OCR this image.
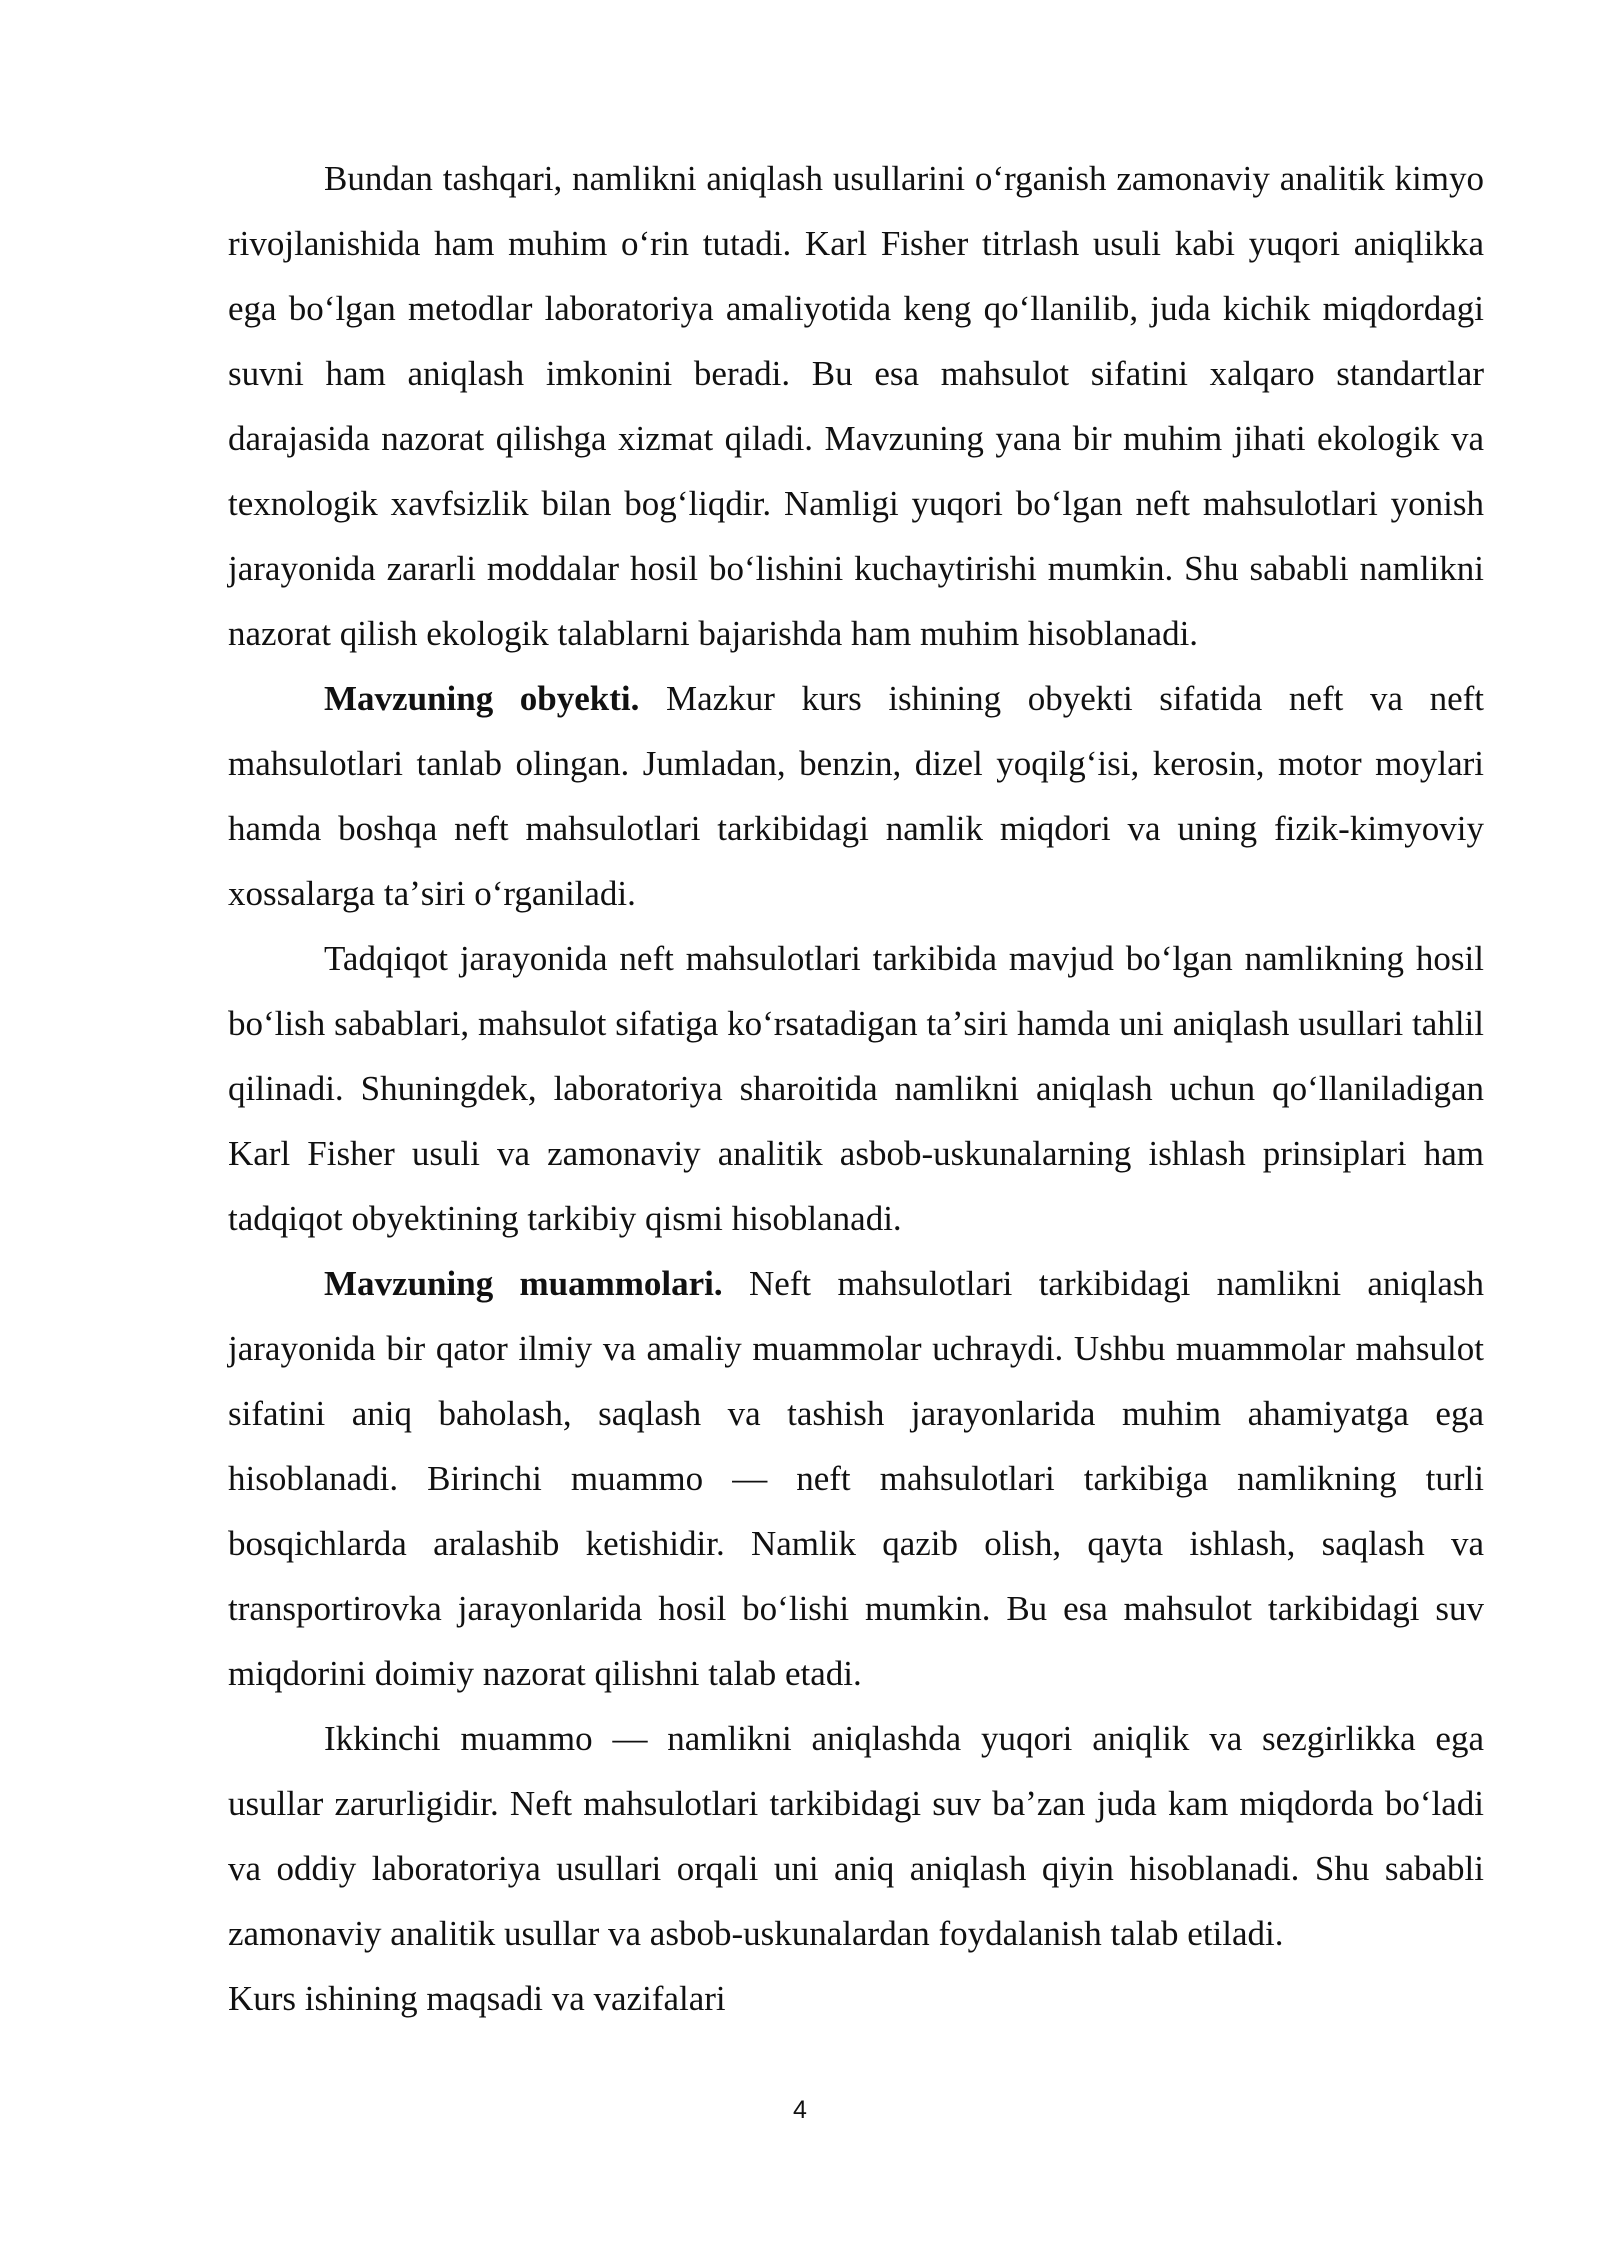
Bundan tashqari, namlikni aniqlash usullarini oʻrganish zamonaviy analitik kimyo rivojlanishida ham muhim oʻrin tutadi. Karl Fisher titrlash usuli kabi yuqori aniqlikka ega boʻlgan metodlar laboratoriya amaliyotida keng qoʻllanilib, juda kichik miqdordagi suvni ham aniqlash imkonini beradi. Bu esa mahsulot sifatini xalqaro standartlar darajasida nazorat qilishga xizmat qiladi. Mavzuning yana bir muhim jihati ekologik va texnologik xavfsizlik bilan bogʻliqdir. Namligi yuqori boʻlgan neft mahsulotlari yonish jarayonida zararli moddalar hosil boʻlishini kuchaytirishi mumkin. Shu sababli namlikni nazorat qilish ekologik talablarni bajarishda ham muhim hisoblanadi.

Mavzuning obyekti. Mazkur kurs ishining obyekti sifatida neft va neft mahsulotlari tanlab olingan. Jumladan, benzin, dizel yoqilgʻisi, kerosin, motor moylari hamda boshqa neft mahsulotlari tarkibidagi namlik miqdori va uning fizik-kimyoviy xossalarga taʼsiri oʻrganiladi.

Tadqiqot jarayonida neft mahsulotlari tarkibida mavjud boʻlgan namlikning hosil boʻlish sabablari, mahsulot sifatiga koʻrsatadigan taʼsiri hamda uni aniqlash usullari tahlil qilinadi. Shuningdek, laboratoriya sharoitida namlikni aniqlash uchun qoʻllaniladigan Karl Fisher usuli va zamonaviy analitik asbob-uskunalarning ishlash prinsiplari ham tadqiqot obyektining tarkibiy qismi hisoblanadi.

Mavzuning muammolari. Neft mahsulotlari tarkibidagi namlikni aniqlash jarayonida bir qator ilmiy va amaliy muammolar uchraydi. Ushbu muammolar mahsulot sifatini aniq baholash, saqlash va tashish jarayonlarida muhim ahamiyatga ega hisoblanadi. Birinchi muammo — neft mahsulotlari tarkibiga namlikning turli bosqichlarda aralashib ketishidir. Namlik qazib olish, qayta ishlash, saqlash va transportirovka jarayonlarida hosil boʻlishi mumkin. Bu esa mahsulot tarkibidagi suv miqdorini doimiy nazorat qilishni talab etadi.

Ikkinchi muammo — namlikni aniqlashda yuqori aniqlik va sezgirlikka ega usullar zarurligidir. Neft mahsulotlari tarkibidagi suv baʼzan juda kam miqdorda boʻladi va oddiy laboratoriya usullari orqali uni aniq aniqlash qiyin hisoblanadi. Shu sababli zamonaviy analitik usullar va asbob-uskunalardan foydalanish talab etiladi.

Kurs ishining maqsadi va vazifalari

4
